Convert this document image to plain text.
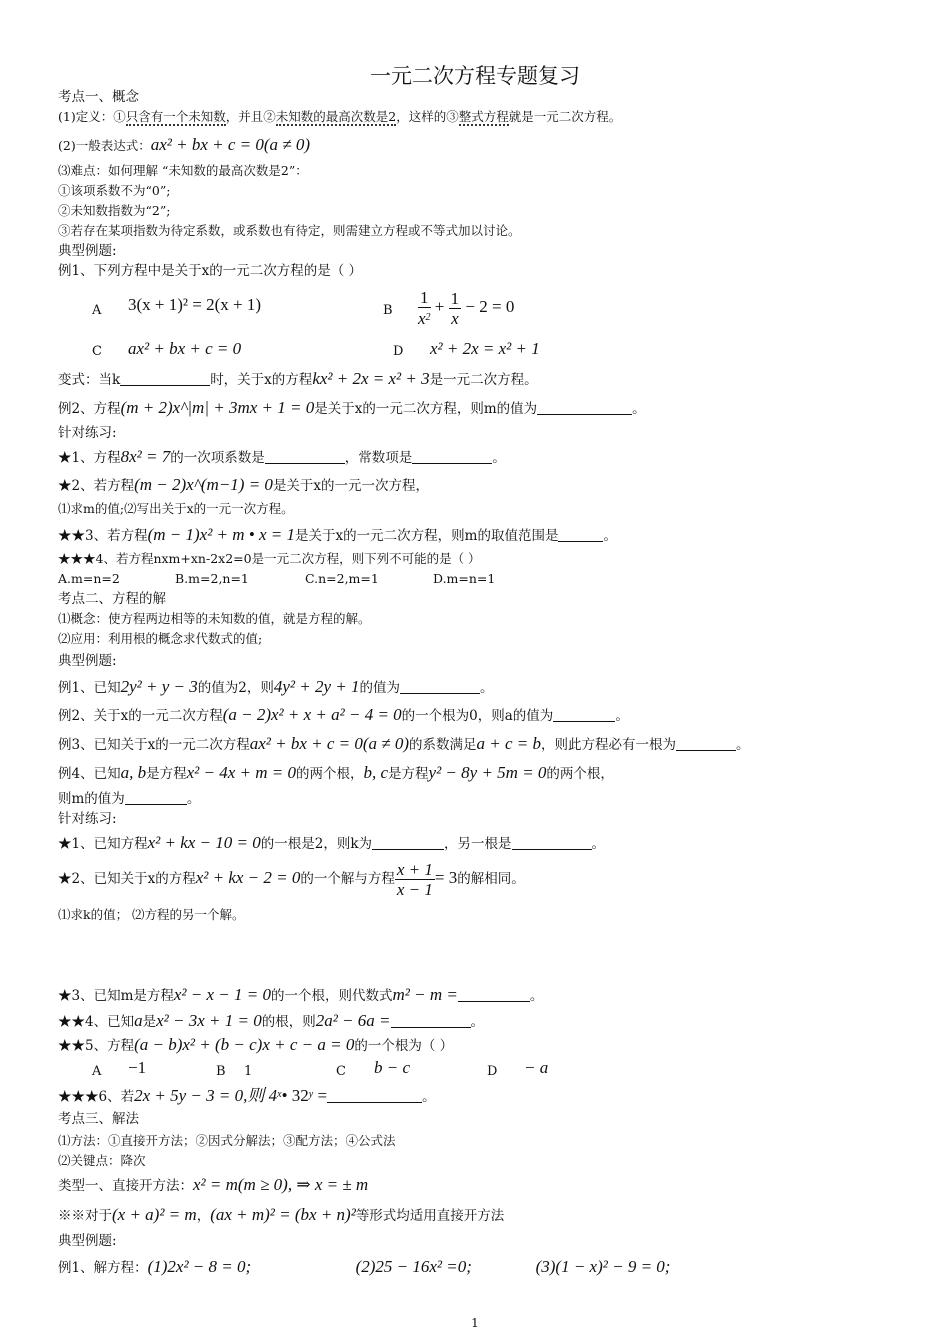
一元二次方程专题复习
考点一、概念
(1)定义：①只含有一个未知数，并且②未知数的最高次数是2，这样的③整式方程就是一元二次方程。
(2)一般表达式：ax² + bx + c = 0(a ≠ 0)
⑶难点：如何理解 “未知数的最高次数是2”：
①该项系数不为“0”;
②未知数指数为“2”;
③若存在某项指数为待定系数，或系数也有待定，则需建立方程或不等式加以讨论。
典型例题:
例1、下列方程中是关于x的一元二次方程的是（ ）
A 3(x + 1)² = 2(x + 1)	B $\frac{1}{x^2} + \frac{1}{x} - 2 = 0$
C ax² + bx + c = 0	D x² + 2x = x² + 1
变式：当k	时，关于x的方程kx² + 2x = x² + 3是一元二次方程。
例2、方程(m + 2)x^|m| + 3mx + 1 = 0是关于x的一元二次方程，则m的值为	。
针对练习:
★1、方程8x² = 7的一次项系数是	，常数项是	。
★2、若方程(m − 2)x^(m−1) = 0是关于x的一元一次方程，
⑴求m的值;⑵写出关于x的一元一次方程。
★★3、若方程(m − 1)x² + m • x = 1是关于x的一元二次方程，则m的取值范围是	。
★★★4、若方程nxm+xn-2x2=0是一元二次方程，则下列不可能的是（ ）
A.m=n=2	B.m=2,n=1	C.n=2,m=1	D.m=n=1
考点二、方程的解
⑴概念：使方程两边相等的未知数的值，就是方程的解。
⑵应用：利用根的概念求代数式的值;
典型例题:
例1、已知2y² + y − 3的值为2，则4y² + 2y + 1的值为	。
例2、关于x的一元二次方程(a − 2)x² + x + a² − 4 = 0的一个根为0，则a的值为	。
例3、已知关于x的一元二次方程ax² + bx + c = 0(a ≠ 0)的系数满足a + c = b，则此方程必有一根为	。
例4、已知a, b是方程x² − 4x + m = 0的两个根，b, c是方程y² − 8y + 5m = 0的两个根，
则m的值为	。
针对练习:
★1、已知方程x² + kx − 10 = 0的一根是2，则k为	，另一根是	。
★2、已知关于x的方程x² + kx − 2 = 0的一个解与方程 $\frac{x + 1}{x - 1} = 3$的解相同。
⑴求k的值； ⑵方程的另一个解。
★3、已知m是方程x² − x − 1 = 0的一个根，则代数式m² − m =	。
★★4、已知a是x² − 3x + 1 = 0的根，则2a² − 6a =	。
★★5、方程(a − b)x² + (b − c)x + c − a = 0的一个根为（ ）
A −1	B 1	C b − c	D − a
★★★6、若2x + 5y − 3 = 0,则 4$^x$• $32^y$ =	。
考点三、解法
⑴方法：①直接开方法；②因式分解法；③配方法；④公式法
⑵关键点：降次
类型一、直接开方法：x² = m(m ≥ 0), ⇒ x = ± m
※※对于(x + a)² = m，(ax + m)² = (bx + n)²等形式均适用直接开方法
典型例题:
例1、解方程：(1)2x² − 8 = 0;	(2)25 − 16x² =0;	(3)(1 − x)² − 9 = 0;
1
